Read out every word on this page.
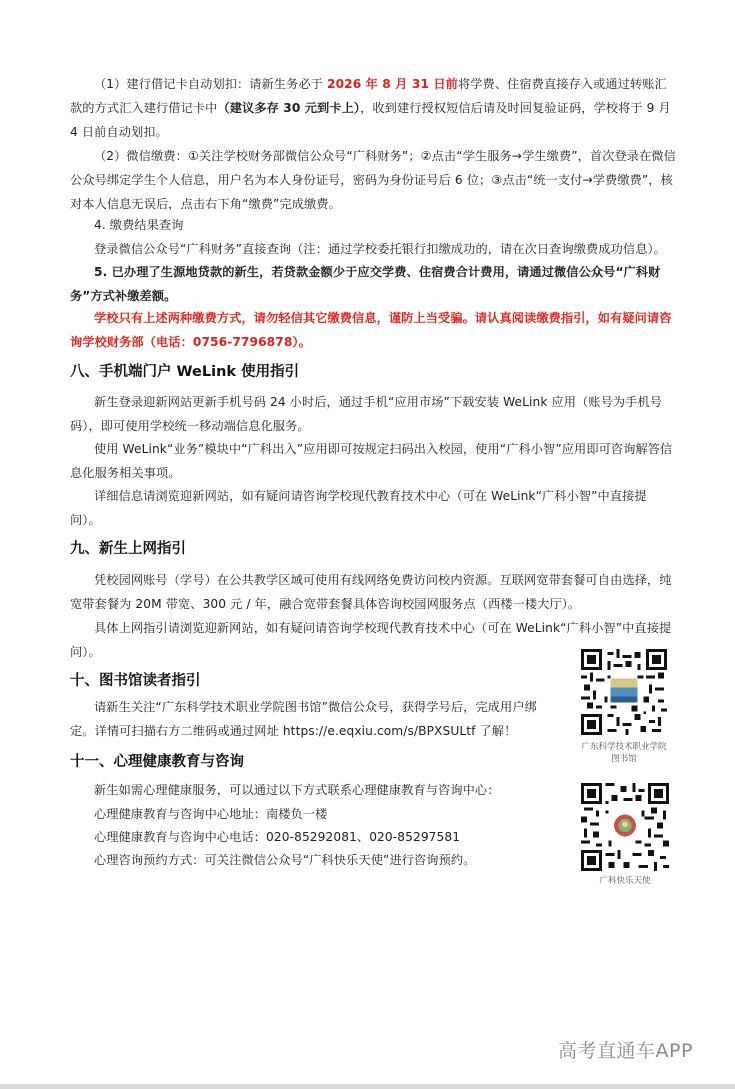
（1）建行借记卡自动划扣：请新生务必于 2026 年 8 月 31 日前将学费、住宿费直接存入或通过转账汇款的方式汇入建行借记卡中（建议多存 30 元到卡上），收到建行授权短信后请及时回复验证码，学校将于 9 月 4 日前自动划扣。

（2）微信缴费：①关注学校财务部微信公众号“广科财务”；②点击“学生服务→学生缴费”，首次登录在微信公众号绑定学生个人信息，用户名为本人身份证号，密码为身份证号后 6 位；③点击“统一支付→学费缴费”，核对本人信息无误后，点击右下角“缴费”完成缴费。

4. 缴费结果查询

登录微信公众号“广科财务”直接查询（注：通过学校委托银行扣缴成功的，请在次日查询缴费成功信息）。

5. 已办理了生源地贷款的新生，若贷款金额少于应交学费、住宿费合计费用，请通过微信公众号“广科财务”方式补缴差额。

学校只有上述两种缴费方式，请勿轻信其它缴费信息，谨防上当受骗。请认真阅读缴费指引，如有疑问请咨询学校财务部（电话：0756-7796878）。

八、手机端门户 WeLink 使用指引

新生登录迎新网站更新手机号码 24 小时后，通过手机“应用市场”下载安装 WeLink 应用（账号为手机号码），即可使用学校统一移动端信息化服务。

使用 WeLink“业务”模块中“广科出入”应用即可按规定扫码出入校园，使用“广科小智”应用即可咨询解答信息化服务相关事项。

详细信息请浏览迎新网站，如有疑问请咨询学校现代教育技术中心（可在 WeLink“广科小智”中直接提问）。

九、新生上网指引

凭校园网账号（学号）在公共教学区域可使用有线网络免费访问校内资源。互联网宽带套餐可自由选择，纯宽带套餐为 20M 带宽、300 元 / 年，融合宽带套餐具体咨询校园网服务点（西楼一楼大厅）。

具体上网指引请浏览迎新网站，如有疑问请咨询学校现代教育技术中心（可在 WeLink“广科小智”中直接提问）。

十、图书馆读者指引

请新生关注“广东科学技术职业学院图书馆”微信公众号，获得学号后，完成用户绑定。详情可扫描右方二维码或通过网址 https://e.eqxiu.com/s/BPXSULtf 了解！

广东科学技术职业学院
图书馆
十一、心理健康教育与咨询

新生如需心理健康服务，可以通过以下方式联系心理健康教育与咨询中心：

心理健康教育与咨询中心地址：南楼负一楼

心理健康教育与咨询中心电话：020-85292081、020-85297581

心理咨询预约方式：可关注微信公众号“广科快乐天使”进行咨询预约。

广科快乐天使
高考直通车APP
